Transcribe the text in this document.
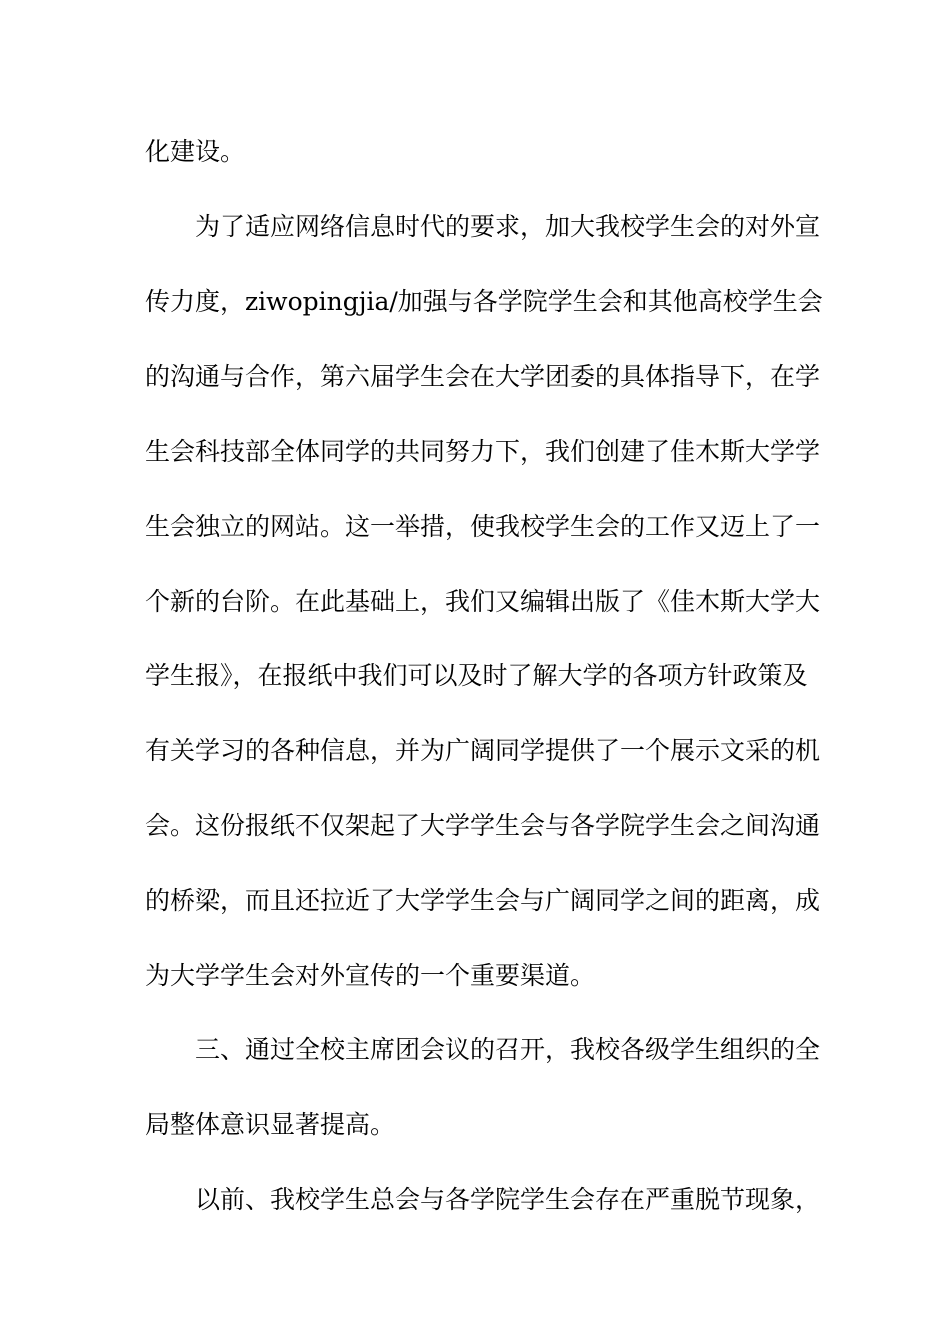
化建设。

为了适应网络信息时代的要求，加大我校学生会的对外宣

传力度，ziwopingjia/加强与各学院学生会和其他高校学生会

的沟通与合作，第六届学生会在大学团委的具体指导下，在学

生会科技部全体同学的共同努力下，我们创建了佳木斯大学学

生会独立的网站。这一举措，使我校学生会的工作又迈上了一

个新的台阶。在此基础上，我们又编辑出版了《佳木斯大学大

学生报》，在报纸中我们可以及时了解大学的各项方针政策及

有关学习的各种信息，并为广阔同学提供了一个展示文采的机

会。这份报纸不仅架起了大学学生会与各学院学生会之间沟通

的桥梁，而且还拉近了大学学生会与广阔同学之间的距离，成

为大学学生会对外宣传的一个重要渠道。

三、通过全校主席团会议的召开，我校各级学生组织的全

局整体意识显著提高。

以前、我校学生总会与各学院学生会存在严重脱节现象，
